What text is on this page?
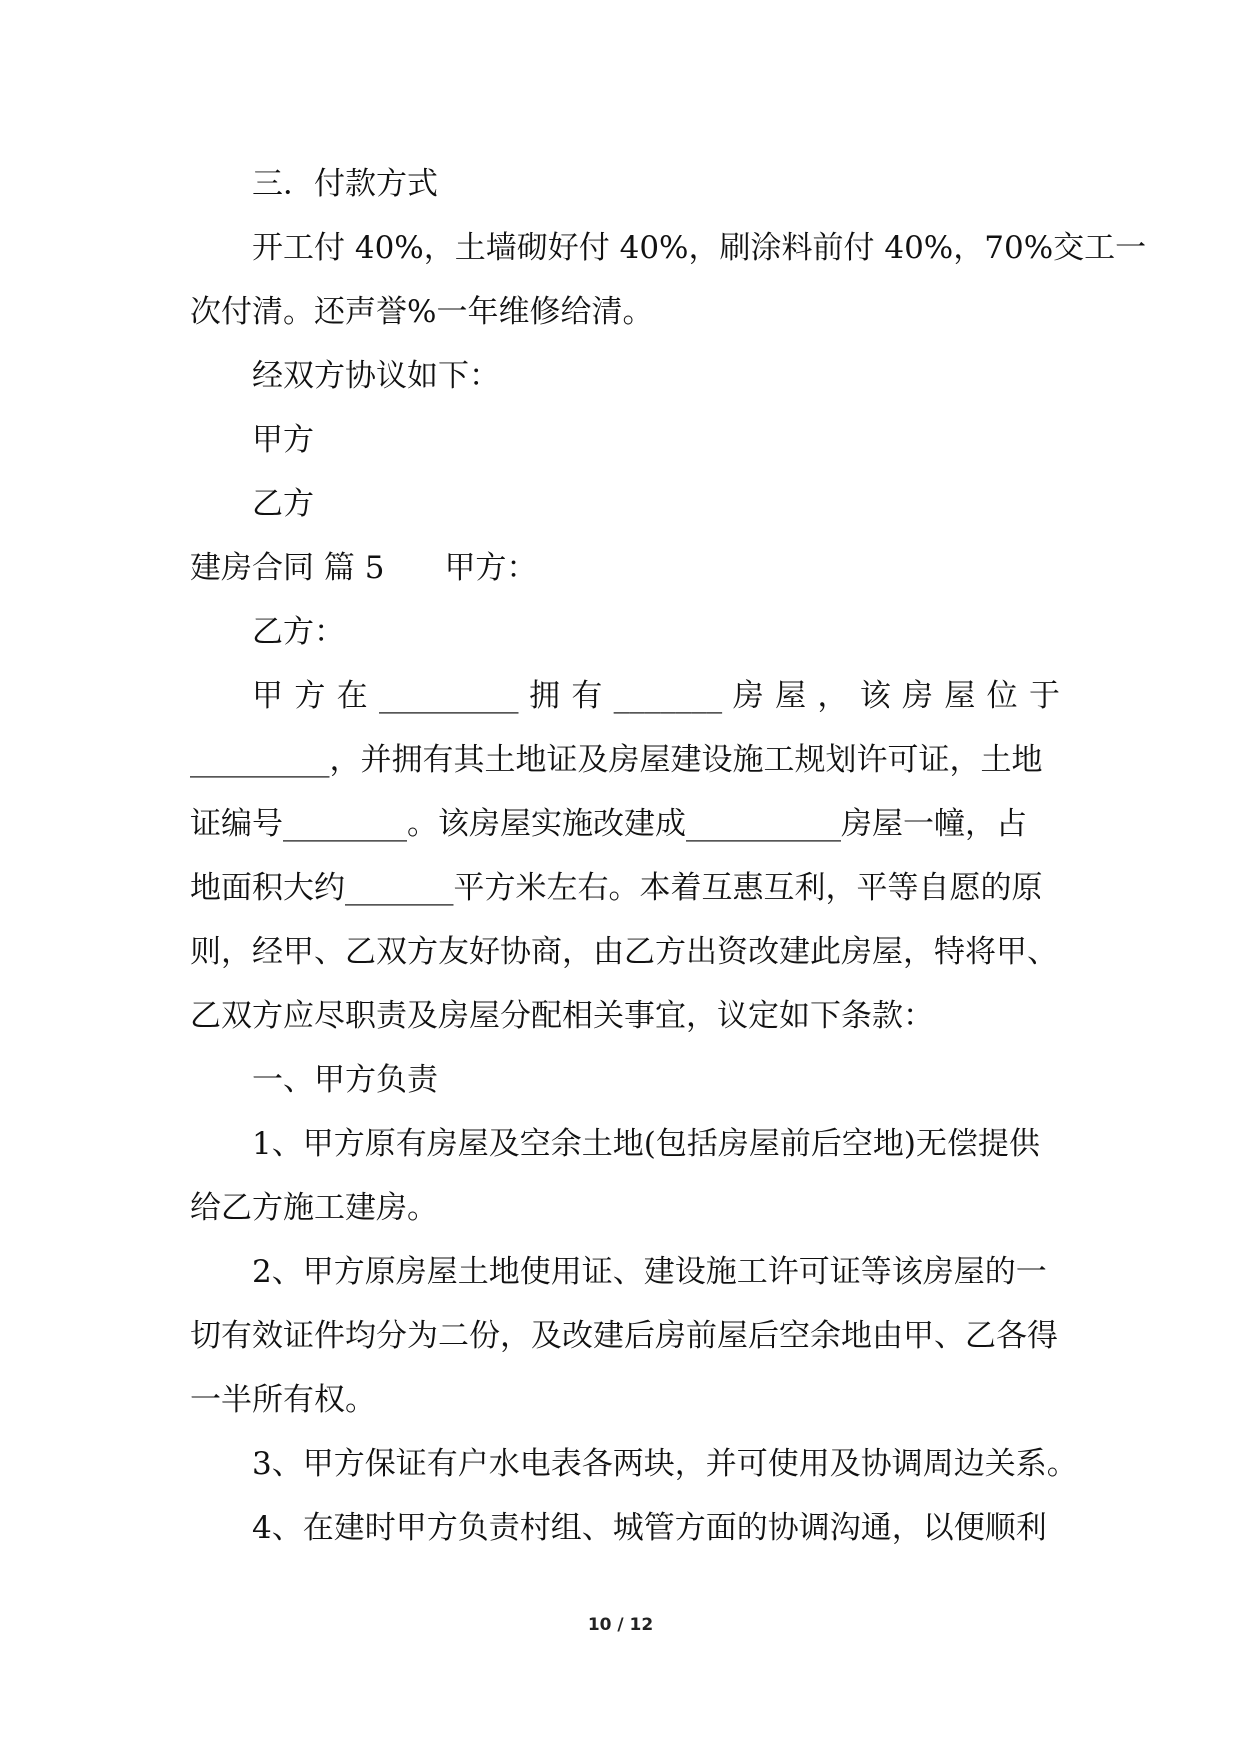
三．付款方式
开工付 40%，土墙砌好付 40%，刷涂料前付 40%，70%交工一
次付清。还声誉%一年维修给清。
经双方协议如下：
甲方
乙方
建房合同 篇 5 甲方：
乙方：
甲 方 在 _________ 拥 有 _______ 房 屋 ， 该 房 屋 位 于
_________，并拥有其土地证及房屋建设施工规划许可证，土地
证编号________。该房屋实施改建成__________房屋一幢，占
地面积大约_______平方米左右。本着互惠互利，平等自愿的原
则，经甲、乙双方友好协商，由乙方出资改建此房屋，特将甲、
乙双方应尽职责及房屋分配相关事宜，议定如下条款：
一、甲方负责
1、甲方原有房屋及空余土地(包括房屋前后空地)无偿提供
给乙方施工建房。
2、甲方原房屋土地使用证、建设施工许可证等该房屋的一
切有效证件均分为二份，及改建后房前屋后空余地由甲、乙各得
一半所有权。
3、甲方保证有户水电表各两块，并可使用及协调周边关系。
4、在建时甲方负责村组、城管方面的协调沟通，以便顺利
10 / 12
